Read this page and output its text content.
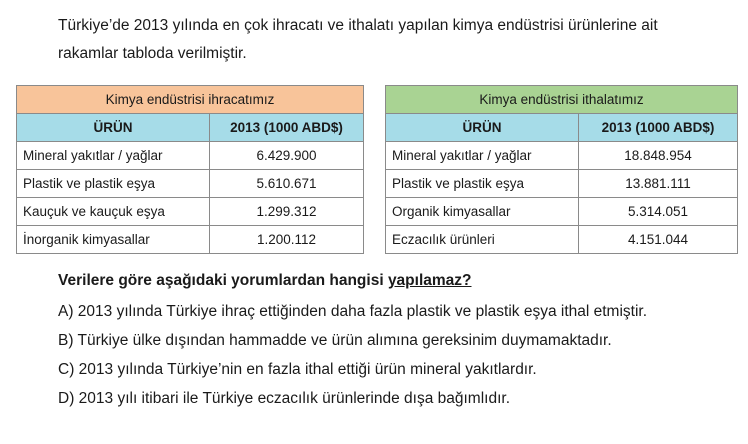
Türkiye’de 2013 yılında en çok ihracatı ve ithalatı yapılan kimya endüstrisi ürünlerine ait
rakamlar tabloda verilmiştir.

Kimya endüstrisi ihracatımız	
ÜRÜN	2013 (1000 ABD$)
Mineral yakıtlar / yağlar	6.429.900
Plastik ve plastik eşya	5.610.671
Kauçuk ve kauçuk eşya	1.299.312
İnorganik kimyasallar	1.200.112
Kimya endüstrisi ithalatımız	
ÜRÜN	2013 (1000 ABD$)
Mineral yakıtlar / yağlar	18.848.954
Plastik ve plastik eşya	13.881.111
Organik kimyasallar	5.314.051
Eczacılık ürünleri	4.151.044

Verilere göre aşağıdaki yorumlardan hangisi yapılamaz?

A) 2013 yılında Türkiye ihraç ettiğinden daha fazla plastik ve plastik eşya ithal etmiştir.
B) Türkiye ülke dışından hammadde ve ürün alımına gereksinim duymamaktadır.
C) 2013 yılında Türkiye’nin en fazla ithal ettiği ürün mineral yakıtlardır.
D) 2013 yılı itibari ile Türkiye eczacılık ürünlerinde dışa bağımlıdır.
